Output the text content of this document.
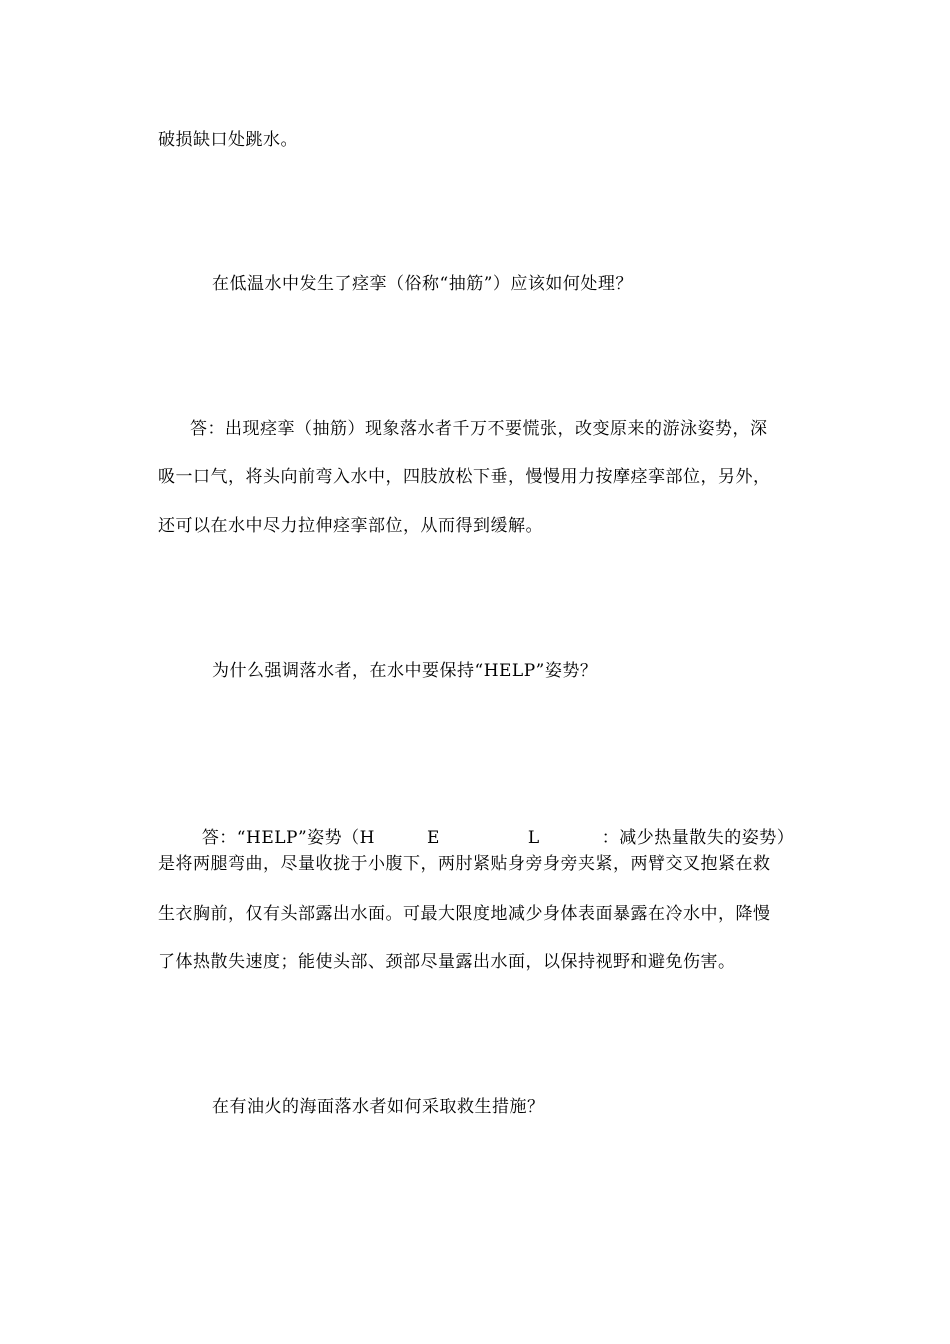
破损缺口处跳水。
在低温水中发生了痉挛（俗称“抽筋”）应该如何处理？
答：出现痉挛（抽筋）现象落水者千万不要慌张，改变原来的游泳姿势，深
吸一口气，将头向前弯入水中，四肢放松下垂，慢慢用力按摩痉挛部位，另外，
还可以在水中尽力拉伸痉挛部位，从而得到缓解。
为什么强调落水者，在水中要保持“HELP”姿势？

答：“HELP”姿势（H	E	L	：减少热量散失的姿势）

是将两腿弯曲，尽量收拢于小腹下，两肘紧贴身旁身旁夹紧，两臂交叉抱紧在救
生衣胸前，仅有头部露出水面。可最大限度地减少身体表面暴露在冷水中，降慢
了体热散失速度；能使头部、颈部尽量露出水面，以保持视野和避免伤害。
在有油火的海面落水者如何采取救生措施？
